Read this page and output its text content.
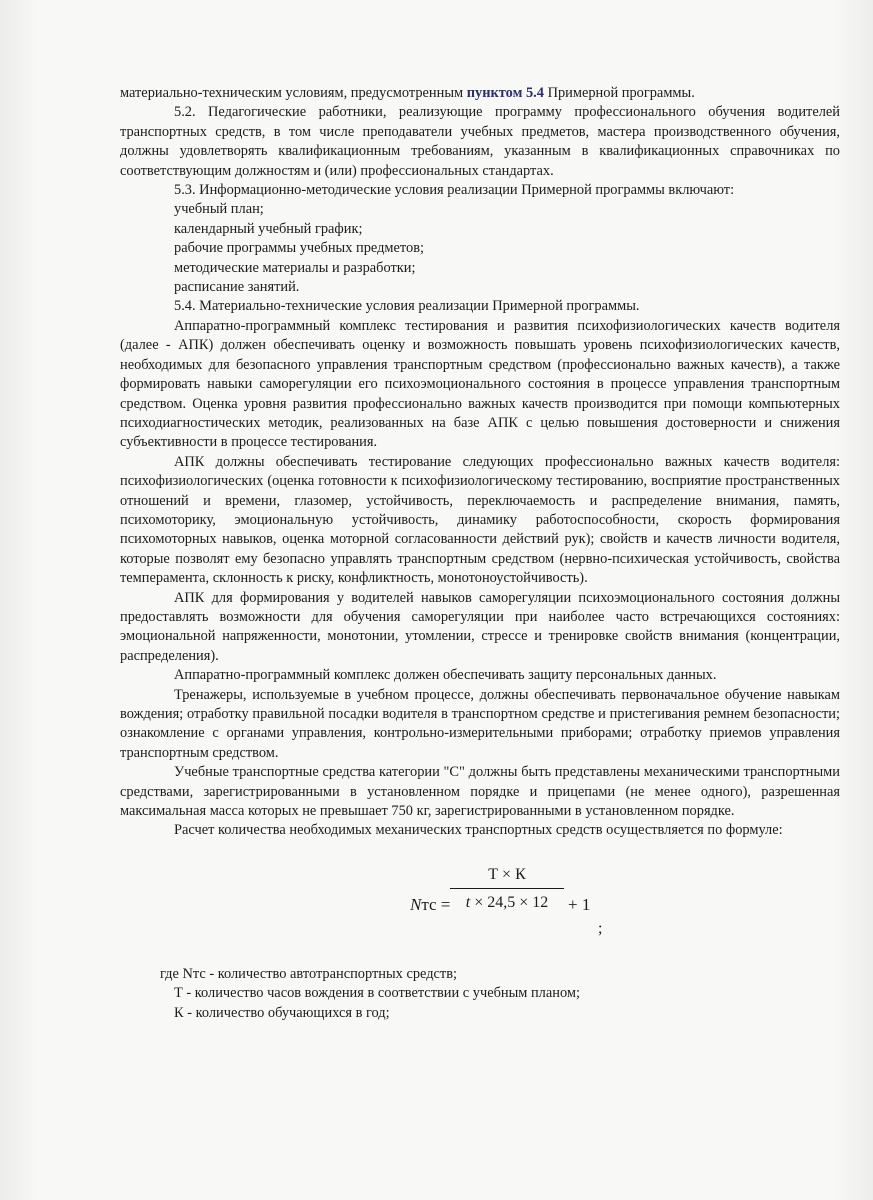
материально-техническим условиям, предусмотренным пунктом 5.4 Примерной программы.

5.2. Педагогические работники, реализующие программу профессионального обучения водителей транспортных средств, в том числе преподаватели учебных предметов, мастера производственного обучения, должны удовлетворять квалификационным требованиям, указанным в квалификационных справочниках по соответствующим должностям и (или) профессиональных стандартах.

5.3. Информационно-методические условия реализации Примерной программы включают:

учебный план;

календарный учебный график;

рабочие программы учебных предметов;

методические материалы и разработки;

расписание занятий.

5.4. Материально-технические условия реализации Примерной программы.

Аппаратно-программный комплекс тестирования и развития психофизиологических качеств водителя (далее - АПК) должен обеспечивать оценку и возможность повышать уровень психофизиологических качеств, необходимых для безопасного управления транспортным средством (профессионально важных качеств), а также формировать навыки саморегуляции его психоэмоционального состояния в процессе управления транспортным средством. Оценка уровня развития профессионально важных качеств производится при помощи компьютерных психодиагностических методик, реализованных на базе АПК с целью повышения достоверности и снижения субъективности в процессе тестирования.

АПК должны обеспечивать тестирование следующих профессионально важных качеств водителя: психофизиологических (оценка готовности к психофизиологическому тестированию, восприятие пространственных отношений и времени, глазомер, устойчивость, переключаемость и распределение внимания, память, психомоторику, эмоциональную устойчивость, динамику работоспособности, скорость формирования психомоторных навыков, оценка моторной согласованности действий рук); свойств и качеств личности водителя, которые позволят ему безопасно управлять транспортным средством (нервно-психическая устойчивость, свойства темперамента, склонность к риску, конфликтность, монотоноустойчивость).

АПК для формирования у водителей навыков саморегуляции психоэмоционального состояния должны предоставлять возможности для обучения саморегуляции при наиболее часто встречающихся состояниях: эмоциональной напряженности, монотонии, утомлении, стрессе и тренировке свойств внимания (концентрации, распределения).

Аппаратно-программный комплекс должен обеспечивать защиту персональных данных.

Тренажеры, используемые в учебном процессе, должны обеспечивать первоначальное обучение навыкам вождения; отработку правильной посадки водителя в транспортном средстве и пристегивания ремнем безопасности; ознакомление с органами управления, контрольно-измерительными приборами; отработку приемов управления транспортным средством.

Учебные транспортные средства категории "С" должны быть представлены механическими транспортными средствами, зарегистрированными в установленном порядке и прицепами (не менее одного), разрешенная максимальная масса которых не превышает 750 кг, зарегистрированными в установленном порядке.

Расчет количества необходимых механических транспортных средств осуществляется по формуле:

Nтс =
Т × К
t × 24,5 × 12	+ 1
;

где Nтс - количество автотранспортных средств;

Т - количество часов вождения в соответствии с учебным планом;

К - количество обучающихся в год;
